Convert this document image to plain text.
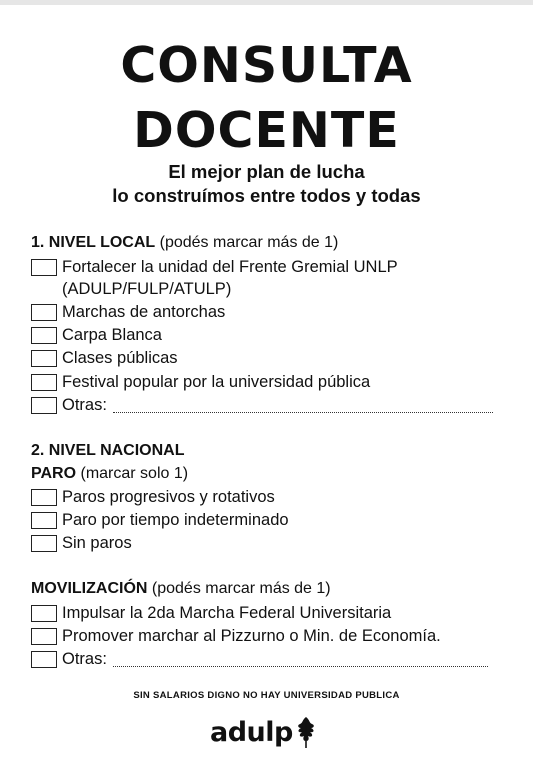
CONSULTA
DOCENTE
El mejor plan de lucha
lo construímos entre todos y todas
1. NIVEL LOCAL (podés marcar más de 1)
Fortalecer la unidad del Frente Gremial UNLP
(ADULP/FULP/ATULP)
Marchas de antorchas
Carpa Blanca
Clases públicas
Festival popular por la universidad pública
Otras:
2. NIVEL NACIONAL
PARO (marcar solo 1)
Paros progresivos y rotativos
Paro por tiempo indeterminado
Sin paros
MOVILIZACIÓN (podés marcar más de 1)
Impulsar la 2da Marcha Federal Universitaria
Promover marchar al Pizzurno o Min. de Economía.
Otras:
SIN SALARIOS DIGNO NO HAY UNIVERSIDAD PUBLICA
adulp
